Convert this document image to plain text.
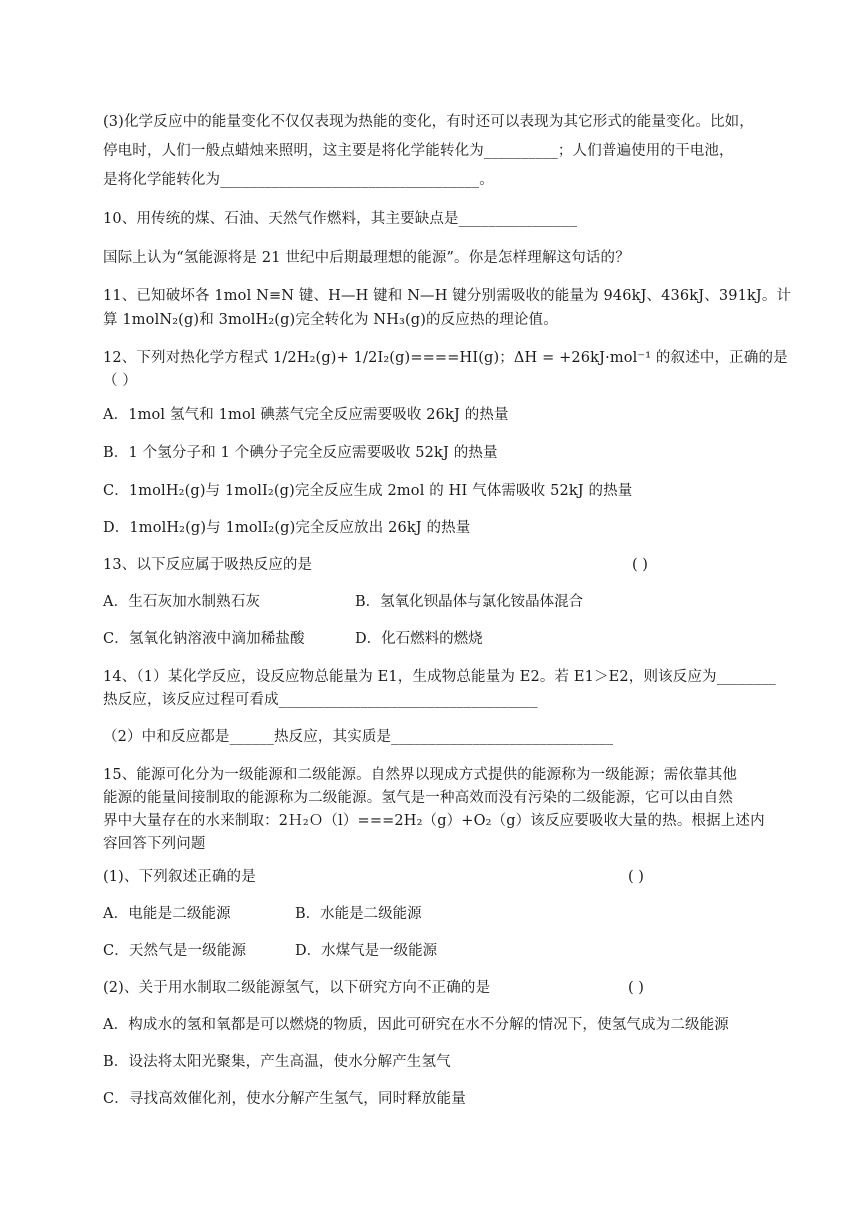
(3)化学反应中的能量变化不仅仅表现为热能的变化，有时还可以表现为其它形式的能量变化。比如，
停电时，人们一般点蜡烛来照明，这主要是将化学能转化为__________；人们普遍使用的干电池，
是将化学能转化为___________________________________。
10、用传统的煤、石油、天然气作燃料，其主要缺点是________________
国际上认为“氢能源将是 21 世纪中后期最理想的能源”。你是怎样理解这句话的？
11、已知破坏各 1mol N≡N 键、H—H 键和 N—H 键分别需吸收的能量为 946kJ、436kJ、391kJ。计
算 1molN₂(g)和 3molH₂(g)完全转化为 NH₃(g)的反应热的理论值。
12、下列对热化学方程式 1/2H₂(g)+ 1/2I₂(g)====HI(g)；ΔH = +26kJ·mol⁻¹ 的叙述中，正确的是
（ ）
A．1mol 氢气和 1mol 碘蒸气完全反应需要吸收 26kJ 的热量
B．1 个氢分子和 1 个碘分子完全反应需要吸收 52kJ 的热量
C．1molH₂(g)与 1molI₂(g)完全反应生成 2mol 的 HI 气体需吸收 52kJ 的热量
D．1molH₂(g)与 1molI₂(g)完全反应放出 26kJ 的热量
13、以下反应属于吸热反应的是	( )
A．生石灰加水制熟石灰	B．氢氧化钡晶体与氯化铵晶体混合
C．氢氧化钠溶液中滴加稀盐酸	D．化石燃料的燃烧
14、（1）某化学反应，设反应物总能量为 E1，生成物总能量为 E2。若 E1＞E2，则该反应为________
热反应，该反应过程可看成___________________________________
（2）中和反应都是______热反应，其实质是______________________________
15、能源可化分为一级能源和二级能源。自然界以现成方式提供的能源称为一级能源；需依靠其他
能源的能量间接制取的能源称为二级能源。氢气是一种高效而没有污染的二级能源，它可以由自然
界中大量存在的水来制取：2Ｈ₂Ｏ（l）===2H₂（g）+O₂（g）该反应要吸收大量的热。根据上述内
容回答下列问题
(1)、下列叙述正确的是	( )
A．电能是二级能源	B．水能是二级能源
C．天然气是一级能源	D．水煤气是一级能源
(2)、关于用水制取二级能源氢气，以下研究方向不正确的是	( )
A．构成水的氢和氧都是可以燃烧的物质，因此可研究在水不分解的情况下，使氢气成为二级能源
B．设法将太阳光聚集，产生高温，使水分解产生氢气
C．寻找高效催化剂，使水分解产生氢气，同时释放能量
